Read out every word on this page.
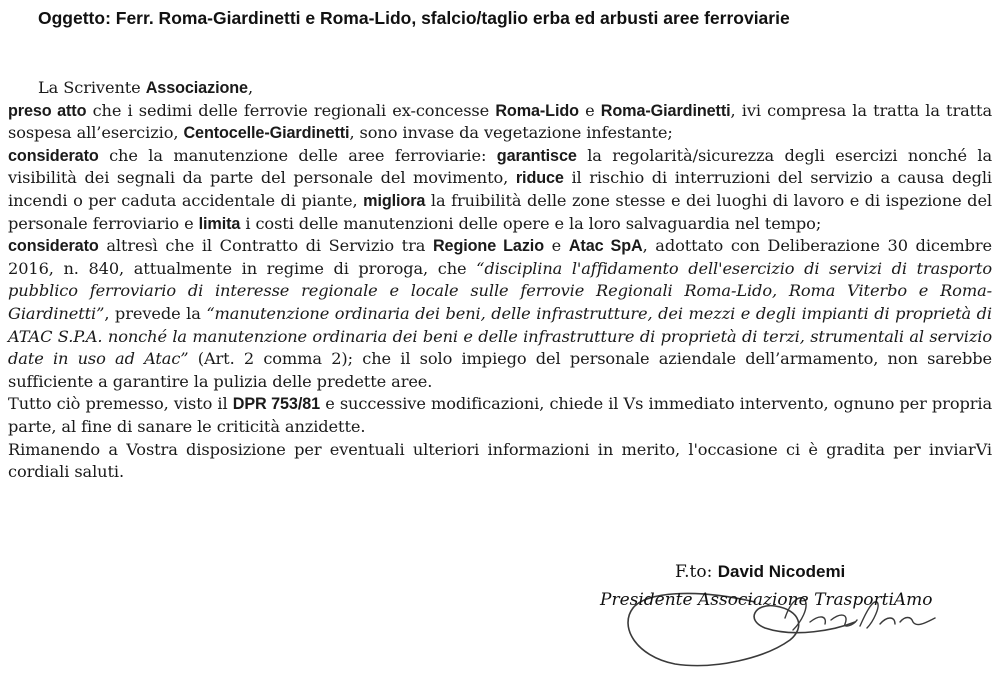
Oggetto: Ferr. Roma-Giardinetti e Roma-Lido, sfalcio/taglio erba ed arbusti aree ferroviarie

La Scrivente Associazione,

preso atto che i sedimi delle ferrovie regionali ex-concesse Roma-Lido e Roma-Giardinetti, ivi compresa la tratta la tratta sospesa all’esercizio, Centocelle-Giardinetti, sono invase da vegetazione infestante;

considerato che la manutenzione delle aree ferroviarie: garantisce la regolarità/sicurezza degli esercizi nonché la visibilità dei segnali da parte del personale del movimento, riduce il rischio di interruzioni del servizio a causa degli incendi o per caduta accidentale di piante, migliora la fruibilità delle zone stesse e dei luoghi di lavoro e di ispezione del personale ferroviario e limita i costi delle manutenzioni delle opere e la loro salvaguardia nel tempo;

considerato altresì che il Contratto di Servizio tra Regione Lazio e Atac SpA, adottato con Deliberazione 30 dicembre 2016, n. 840, attualmente in regime di proroga, che “disciplina l'affidamento dell'esercizio di servizi di trasporto pubblico ferroviario di interesse regionale e locale sulle ferrovie Regionali Roma-Lido, Roma Viterbo e Roma-Giardinetti”, prevede la “manutenzione ordinaria dei beni, delle infrastrutture, dei mezzi e degli impianti di proprietà di ATAC S.P.A. nonché la manutenzione ordinaria dei beni e delle infrastrutture di proprietà di terzi, strumentali al servizio date in uso ad Atac” (Art. 2 comma 2); che il solo impiego del personale aziendale dell’armamento, non sarebbe sufficiente a garantire la pulizia delle predette aree.

Tutto ciò premesso, visto il DPR 753/81 e successive modificazioni, chiede il Vs immediato intervento, ognuno per propria parte, al fine di sanare le criticità anzidette.

Rimanendo a Vostra disposizione per eventuali ulteriori informazioni in merito, l'occasione ci è gradita per inviarVi cordiali saluti.

F.to: David Nicodemi
Presidente Associazione TrasportiAmo
